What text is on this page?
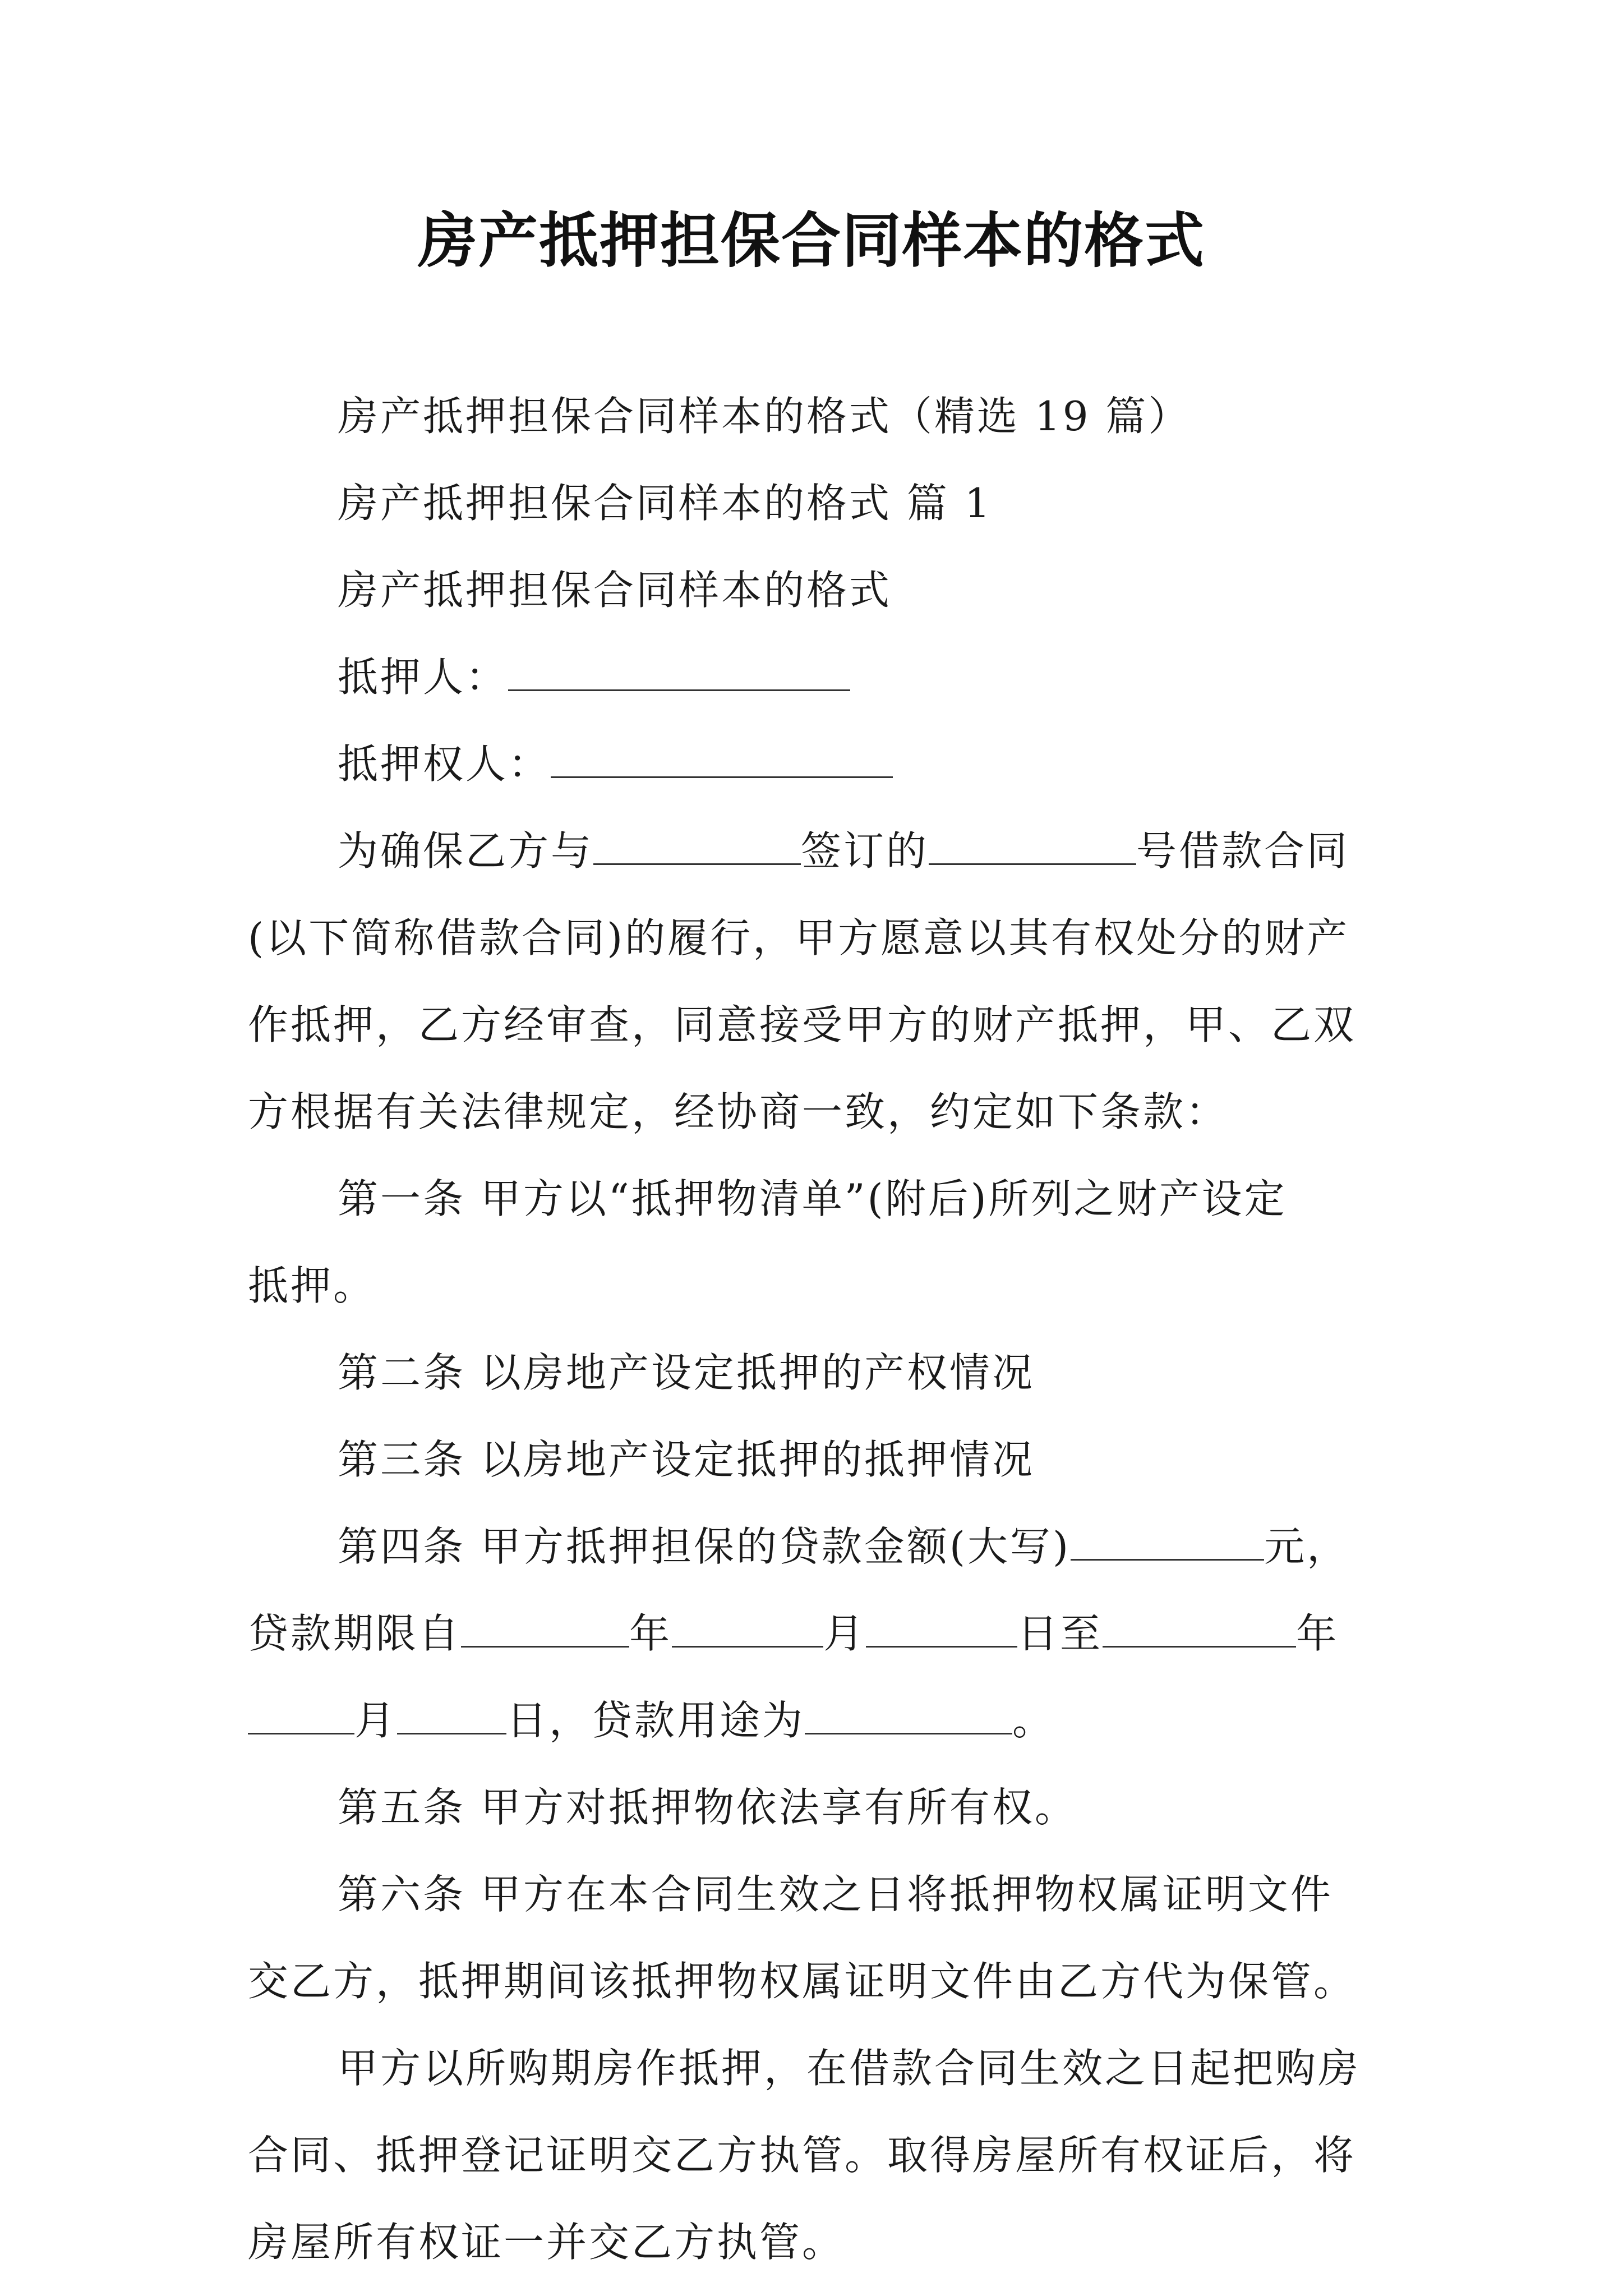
房产抵押担保合同样本的格式

房产抵押担保合同样本的格式（精选 19 篇）

房产抵押担保合同样本的格式 篇 1

房产抵押担保合同样本的格式

抵押人：

抵押权人：

为确保乙方与	签订的	号借款合同

(以下简称借款合同)的履行，甲方愿意以其有权处分的财产

作抵押，乙方经审查，同意接受甲方的财产抵押，甲、乙双

方根据有关法律规定，经协商一致，约定如下条款：

第一条 甲方以“抵押物清单”(附后)所列之财产设定

抵押。

第二条 以房地产设定抵押的产权情况

第三条 以房地产设定抵押的抵押情况

第四条 甲方抵押担保的贷款金额(大写)	元，

贷款期限自	年	月	日至	年

月	日，贷款用途为	。

第五条 甲方对抵押物依法享有所有权。

第六条 甲方在本合同生效之日将抵押物权属证明文件

交乙方，抵押期间该抵押物权属证明文件由乙方代为保管。

甲方以所购期房作抵押，在借款合同生效之日起把购房

合同、抵押登记证明交乙方执管。取得房屋所有权证后，将

房屋所有权证一并交乙方执管。
